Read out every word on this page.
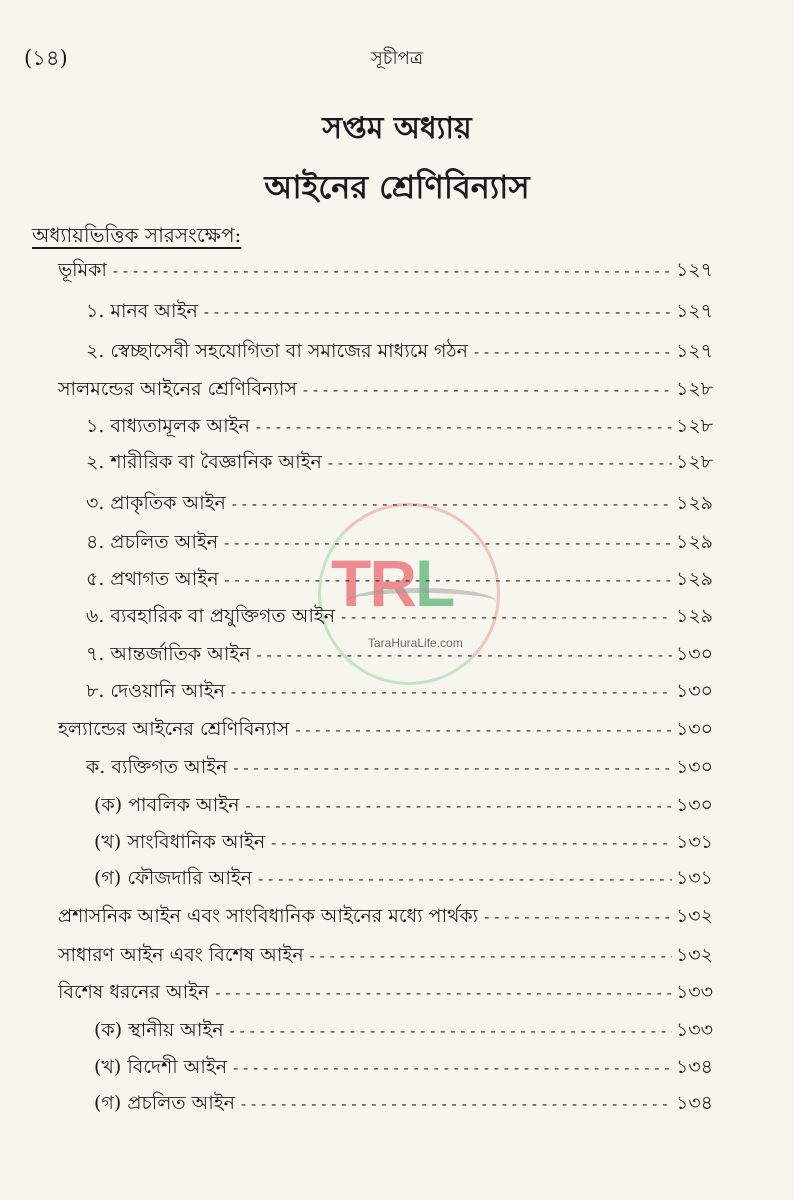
(১৪)	সূচীপত্র
সপ্তম অধ্যায়
আইনের শ্রেণিবিন্যাস
অধ্যায়ভিত্তিক সারসংক্ষেপ:
TRL
TaraHuraLife.com
ভূমিকা -----	১২৭
১. মানব আইন -----	১২৭
২. স্বেচ্ছাসেবী সহযোগিতা বা সমাজের মাধ্যমে গঠন -----	১২৭
সালমন্ডের আইনের শ্রেণিবিন্যাস -----	১২৮
১. বাধ্যতামূলক আইন -----	১২৮
২. শারীরিক বা বৈজ্ঞানিক আইন -----	১২৮
৩. প্রাকৃতিক আইন -----	১২৯
৪. প্রচলিত আইন -----	১২৯
৫. প্রথাগত আইন -----	১২৯
৬. ব্যবহারিক বা প্রযুক্তিগত আইন -----	১২৯
৭. আন্তর্জাতিক আইন -----	১৩০
৮. দেওয়ানি আইন -----	১৩০
হল্যান্ডের আইনের শ্রেণিবিন্যাস -----	১৩০
ক. ব্যক্তিগত আইন -----	১৩০
(ক) পাবলিক আইন -----	১৩০
(খ) সাংবিধানিক আইন -----	১৩১
(গ) ফৌজদারি আইন -----	১৩১
প্রশাসনিক আইন এবং সাংবিধানিক আইনের মধ্যে পার্থক্য -----	১৩২
সাধারণ আইন এবং বিশেষ আইন -----	১৩২
বিশেষ ধরনের আইন -----	১৩৩
(ক) স্থানীয় আইন -----	১৩৩
(খ) বিদেশী আইন -----	১৩৪
(গ) প্রচলিত আইন -----	১৩৪
